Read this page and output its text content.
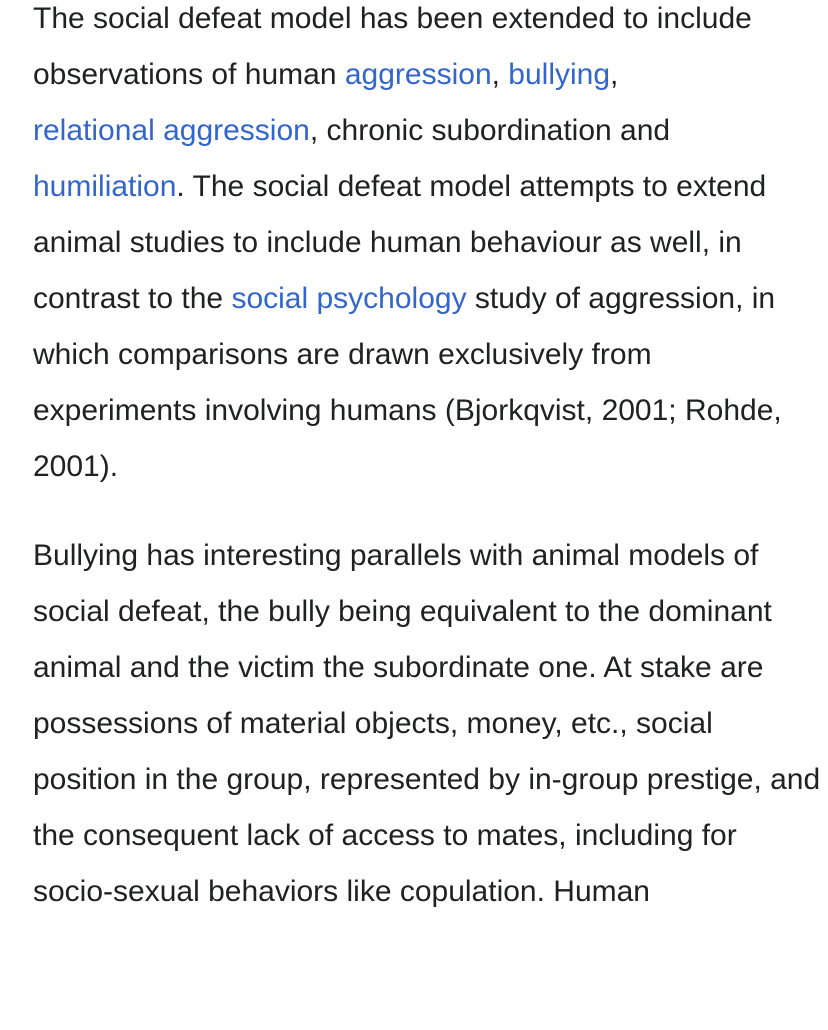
The social defeat model has been extended to include observations of human aggression, bullying, relational aggression, chronic subordination and humiliation. The social defeat model attempts to extend animal studies to include human behaviour as well, in contrast to the social psychology study of aggression, in which comparisons are drawn exclusively from experiments involving humans (Bjorkqvist, 2001; Rohde, 2001).

Bullying has interesting parallels with animal models of social defeat, the bully being equivalent to the dominant animal and the victim the subordinate one. At stake are possessions of material objects, money, etc., social position in the group, represented by in-group prestige, and the consequent lack of access to mates, including for socio-sexual behaviors like copulation. Human
